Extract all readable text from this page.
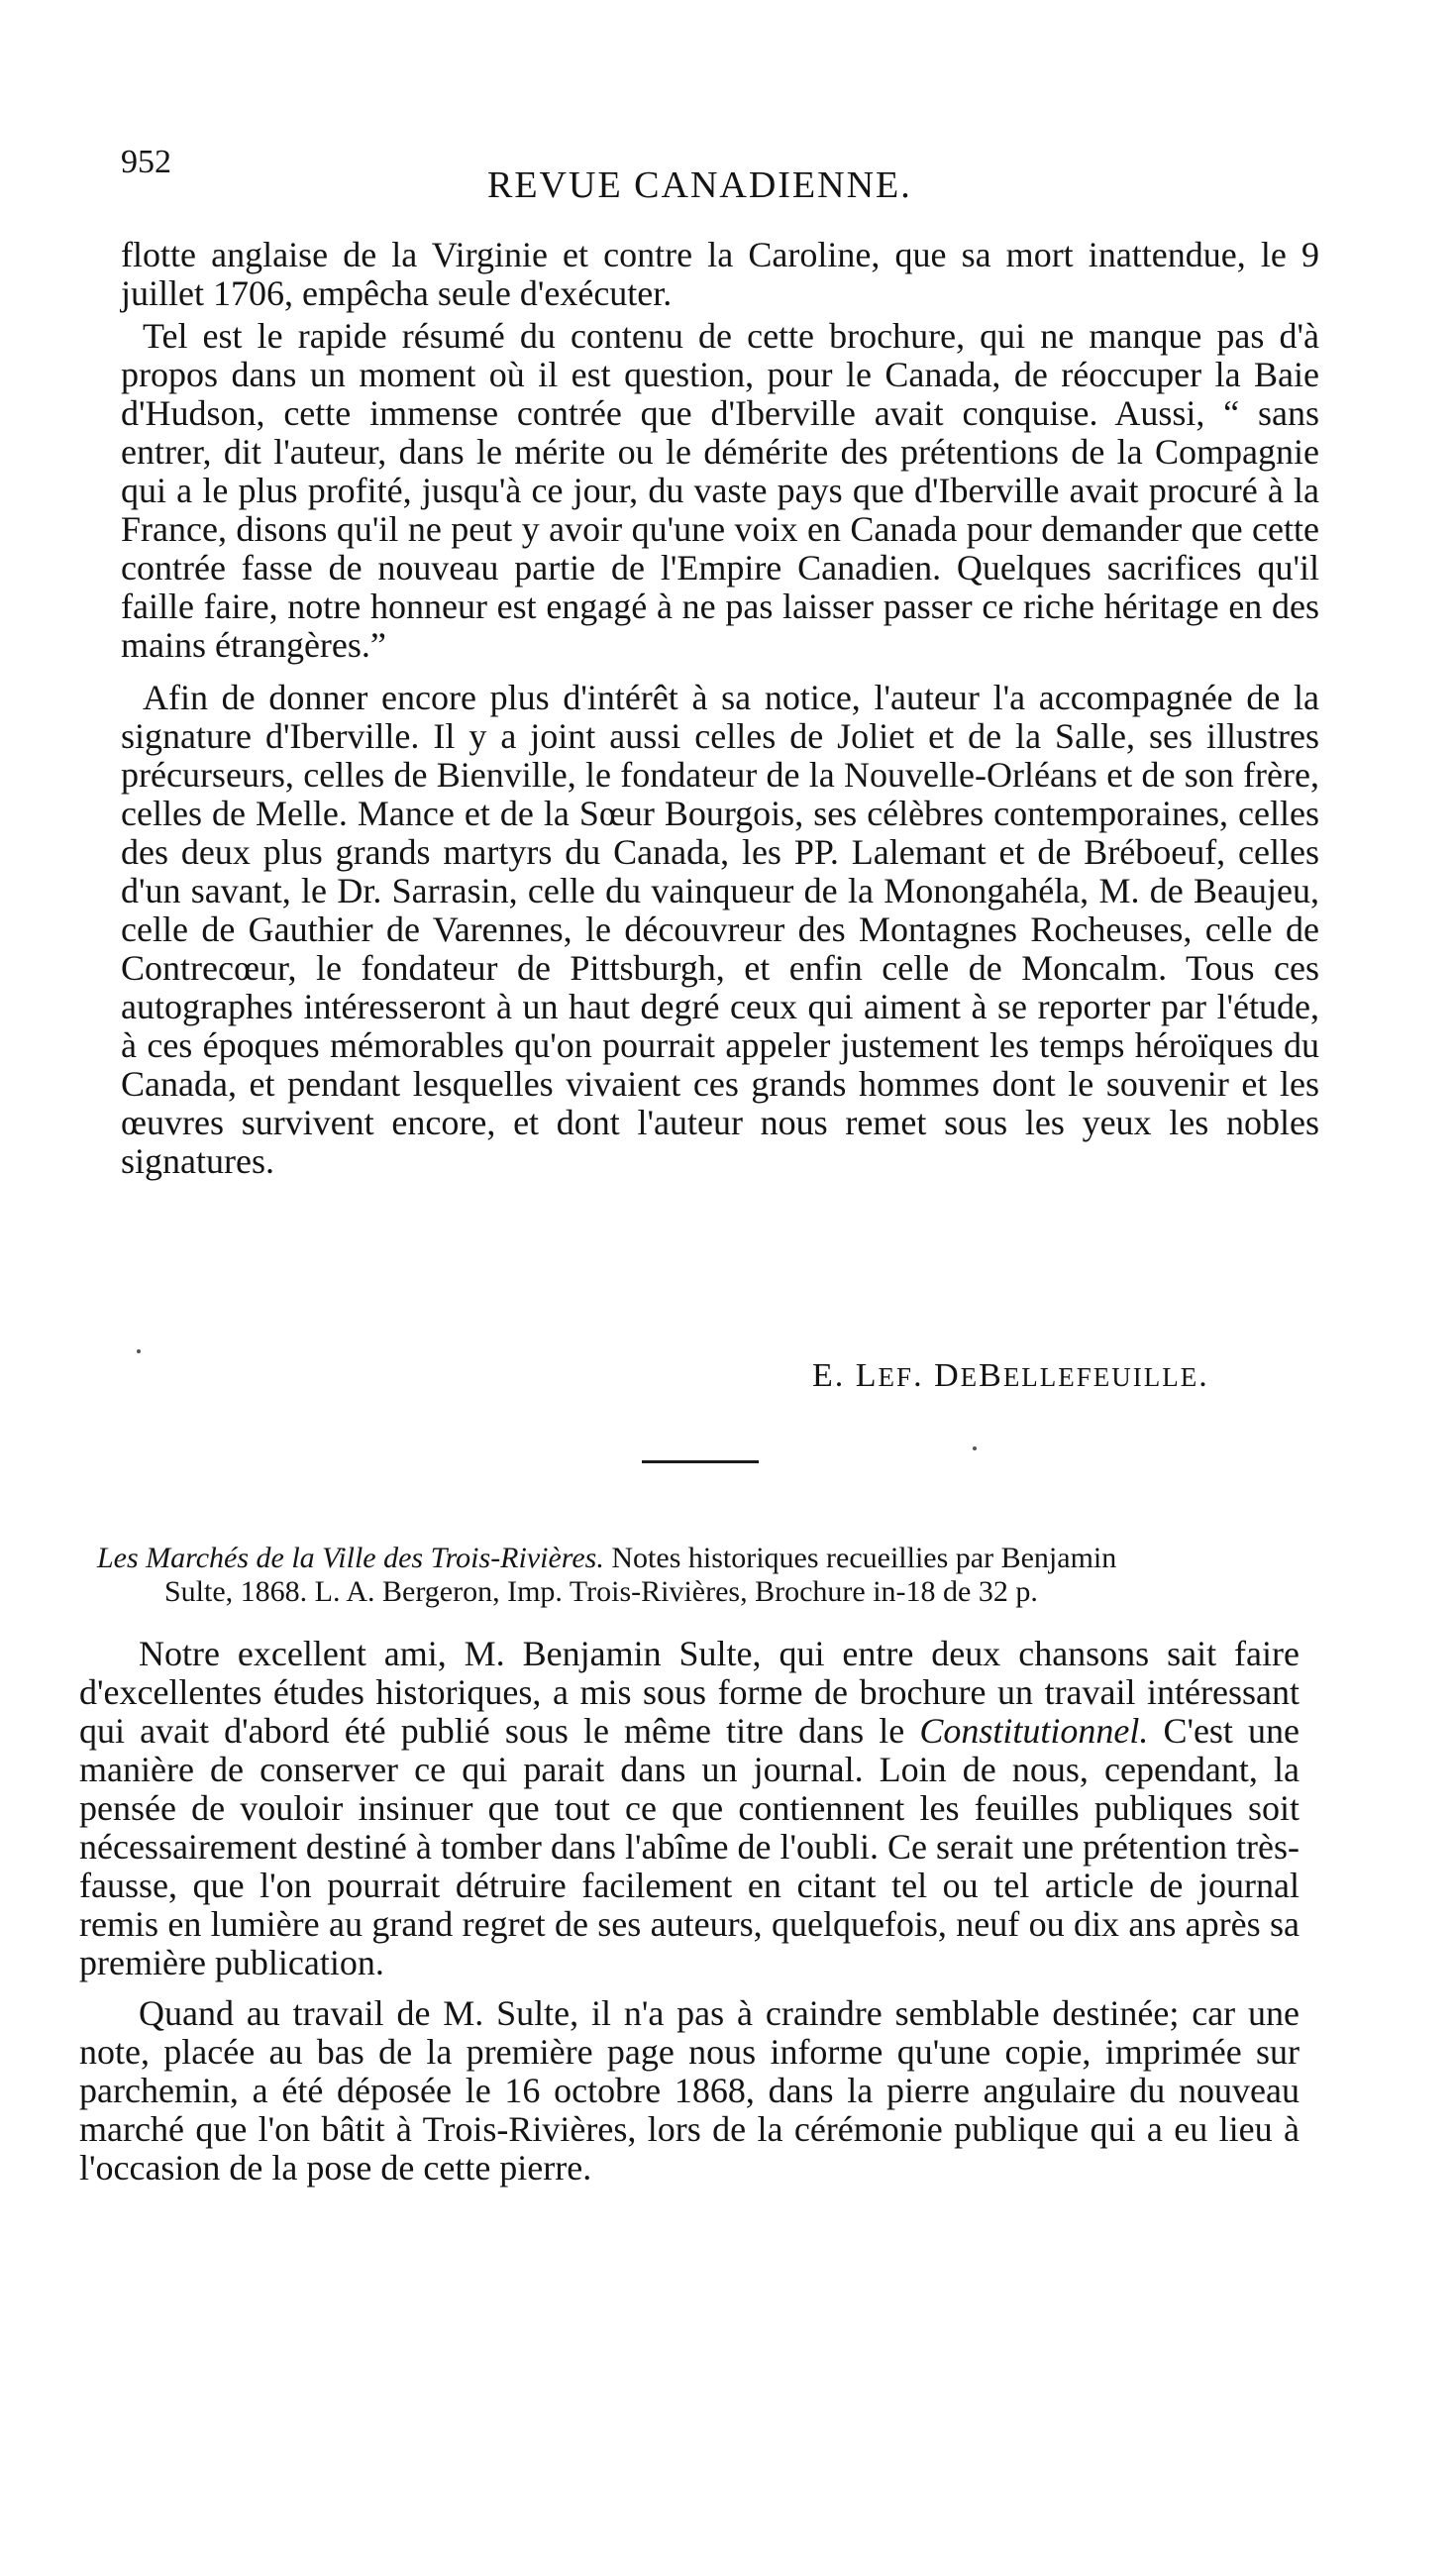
952
REVUE CANADIENNE.

flotte anglaise de la Virginie et contre la Caroline, que sa mort inattendue, le 9 juillet 1706, empêcha seule d'exécuter.

Tel est le rapide résumé du contenu de cette brochure, qui ne manque pas d'à propos dans un moment où il est question, pour le Canada, de réoccuper la Baie d'Hudson, cette immense contrée que d'Iberville avait conquise. Aussi, “ sans entrer, dit l'auteur, dans le mérite ou le démérite des prétentions de la Compagnie qui a le plus profité, jusqu'à ce jour, du vaste pays que d'Iberville avait procuré à la France, disons qu'il ne peut y avoir qu'une voix en Canada pour demander que cette contrée fasse de nouveau partie de l'Empire Canadien. Quelques sacrifices qu'il faille faire, notre honneur est engagé à ne pas laisser passer ce riche héritage en des mains étrangères.”

Afin de donner encore plus d'intérêt à sa notice, l'auteur l'a accompagnée de la signature d'Iberville. Il y a joint aussi celles de Joliet et de la Salle, ses illustres précurseurs, celles de Bienville, le fondateur de la Nouvelle-Orléans et de son frère, celles de Melle. Mance et de la Sœur Bourgois, ses célèbres contemporaines, celles des deux plus grands martyrs du Canada, les PP. Lalemant et de Bréboeuf, celles d'un savant, le Dr. Sarrasin, celle du vainqueur de la Monongahéla, M. de Beaujeu, celle de Gauthier de Varennes, le découvreur des Montagnes Rocheuses, celle de Contrecœur, le fondateur de Pittsburgh, et enfin celle de Moncalm. Tous ces autographes intéresseront à un haut degré ceux qui aiment à se reporter par l'étude, à ces époques mémorables qu'on pourrait appeler justement les temps héroïques du Canada, et pendant lesquelles vivaient ces grands hommes dont le souvenir et les œuvres survivent encore, et dont l'auteur nous remet sous les yeux les nobles signatures.

E. LEF. DEBELLEFEUILLE.
Les Marchés de la Ville des Trois-Rivières. Notes historiques recueillies par Benjamin
Sulte, 1868. L. A. Bergeron, Imp. Trois-Rivières, Brochure in-18 de 32 p.

Notre excellent ami, M. Benjamin Sulte, qui entre deux chansons sait faire d'excellentes études historiques, a mis sous forme de brochure un travail intéressant qui avait d'abord été publié sous le même titre dans le Constitutionnel. C'est une manière de conserver ce qui parait dans un journal. Loin de nous, cependant, la pensée de vouloir insinuer que tout ce que contiennent les feuilles publiques soit nécessairement destiné à tomber dans l'abîme de l'oubli. Ce serait une prétention très-fausse, que l'on pourrait détruire facilement en citant tel ou tel article de journal remis en lumière au grand regret de ses auteurs, quelquefois, neuf ou dix ans après sa première publication.

Quand au travail de M. Sulte, il n'a pas à craindre semblable destinée; car une note, placée au bas de la première page nous informe qu'une copie, imprimée sur parchemin, a été déposée le 16 octobre 1868, dans la pierre angulaire du nouveau marché que l'on bâtit à Trois-Rivières, lors de la cérémonie publique qui a eu lieu à l'occasion de la pose de cette pierre.
